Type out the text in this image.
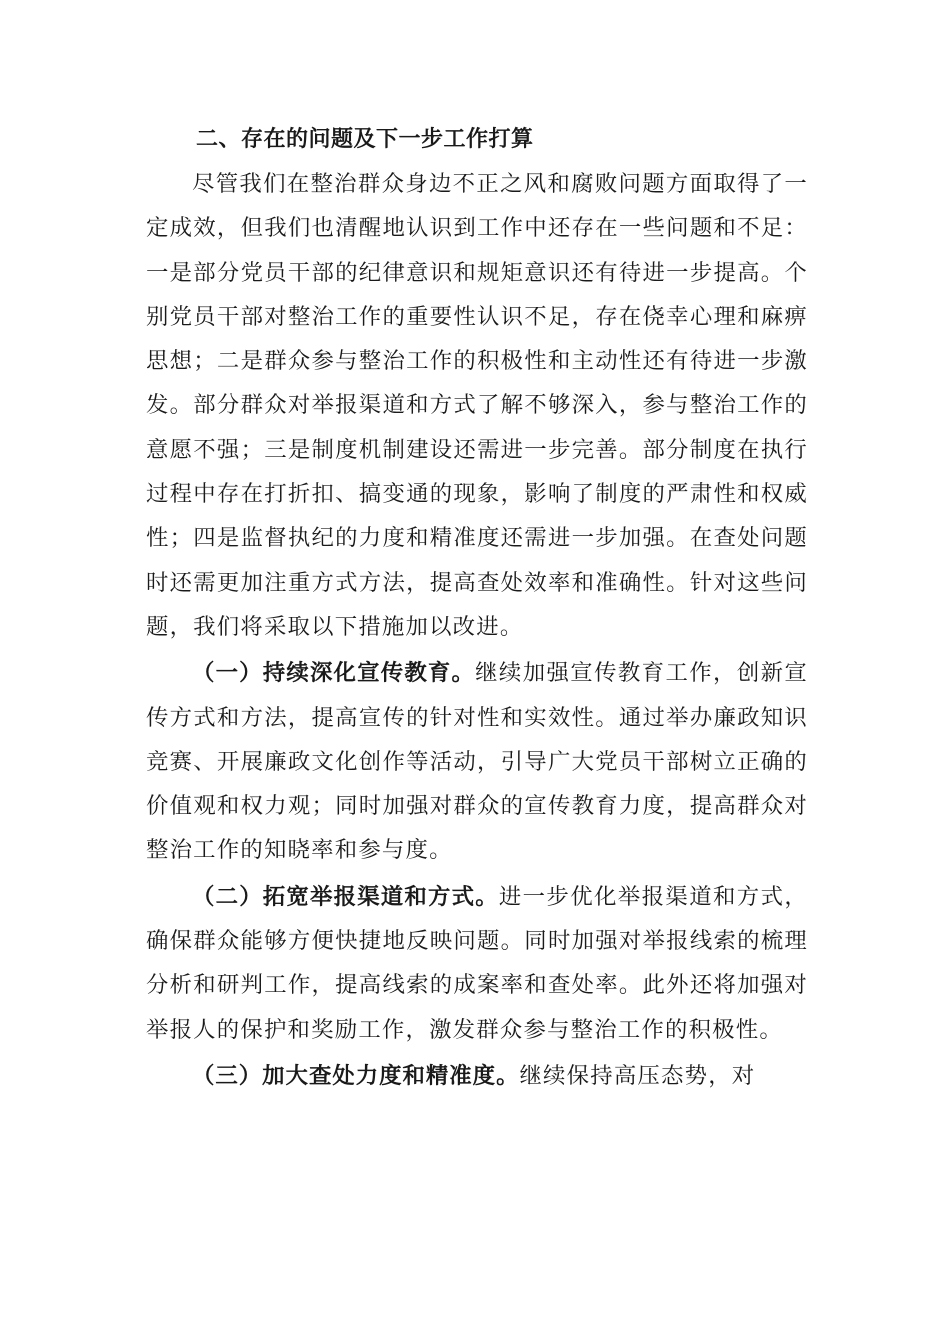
二、存在的问题及下一步工作打算

尽管我们在整治群众身边不正之风和腐败问题方面取得了一定成效，但我们也清醒地认识到工作中还存在一些问题和不足：一是部分党员干部的纪律意识和规矩意识还有待进一步提高。个别党员干部对整治工作的重要性认识不足，存在侥幸心理和麻痹思想；二是群众参与整治工作的积极性和主动性还有待进一步激发。部分群众对举报渠道和方式了解不够深入，参与整治工作的意愿不强；三是制度机制建设还需进一步完善。部分制度在执行过程中存在打折扣、搞变通的现象，影响了制度的严肃性和权威性；四是监督执纪的力度和精准度还需进一步加强。在查处问题时还需更加注重方式方法，提高查处效率和准确性。针对这些问题，我们将采取以下措施加以改进。

（一）持续深化宣传教育。继续加强宣传教育工作，创新宣传方式和方法，提高宣传的针对性和实效性。通过举办廉政知识竞赛、开展廉政文化创作等活动，引导广大党员干部树立正确的价值观和权力观；同时加强对群众的宣传教育力度，提高群众对整治工作的知晓率和参与度。

（二）拓宽举报渠道和方式。进一步优化举报渠道和方式，确保群众能够方便快捷地反映问题。同时加强对举报线索的梳理分析和研判工作，提高线索的成案率和查处率。此外还将加强对举报人的保护和奖励工作，激发群众参与整治工作的积极性。

（三）加大查处力度和精准度。继续保持高压态势，对
